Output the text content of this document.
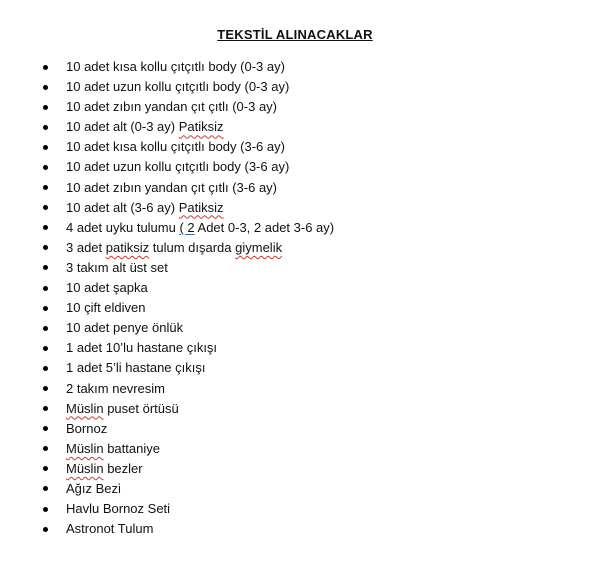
TEKSTİL ALINACAKLAR
10 adet kısa kollu çıtçıtlı body (0-3 ay)
10 adet uzun kollu çıtçıtlı body (0-3 ay)
10 adet zıbın yandan çıt çıtlı (0-3 ay)
10 adet alt (0-3 ay) Patiksiz
10 adet kısa kollu çıtçıtlı body (3-6 ay)
10 adet uzun kollu çıtçıtlı body (3-6 ay)
10 adet zıbın yandan çıt çıtlı (3-6 ay)
10 adet alt (3-6 ay) Patiksiz
4 adet uyku tulumu ( 2 Adet 0-3, 2 adet 3-6 ay)
3 adet patiksiz tulum dışarda giymelik
3 takım alt üst set
10 adet şapka
10 çift eldiven
10 adet penye önlük
1 adet 10’lu hastane çıkışı
1 adet 5’li hastane çıkışı
2 takım nevresim
Müslin puset örtüsü
Bornoz
Müslin battaniye
Müslin bezler
Ağız Bezi
Havlu Bornoz Seti
Astronot Tulum
